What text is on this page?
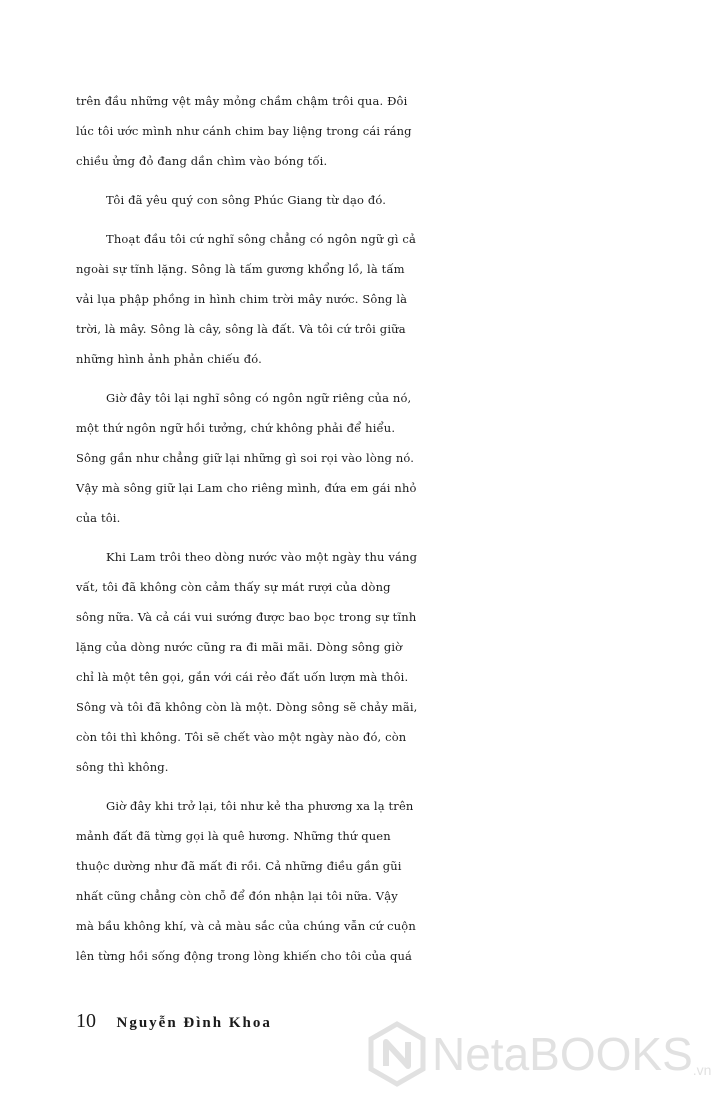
trên đầu những vệt mây mỏng chầm chậm trôi qua. Đôi

lúc tôi ước mình như cánh chim bay liệng trong cái ráng

chiều ửng đỏ đang dần chìm vào bóng tối.

Tôi đã yêu quý con sông Phúc Giang từ dạo đó.

Thoạt đầu tôi cứ nghĩ sông chẳng có ngôn ngữ gì cả

ngoài sự tĩnh lặng. Sông là tấm gương khổng lồ, là tấm

vải lụa phập phồng in hình chim trời mây nước. Sông là

trời, là mây. Sông là cây, sông là đất. Và tôi cứ trôi giữa

những hình ảnh phản chiếu đó.

Giờ đây tôi lại nghĩ sông có ngôn ngữ riêng của nó,

một thứ ngôn ngữ hồi tưởng, chứ không phải để hiểu.

Sông gần như chẳng giữ lại những gì soi rọi vào lòng nó.

Vậy mà sông giữ lại Lam cho riêng mình, đứa em gái nhỏ

của tôi.

Khi Lam trôi theo dòng nước vào một ngày thu váng

vất, tôi đã không còn cảm thấy sự mát rượi của dòng

sông nữa. Và cả cái vui sướng được bao bọc trong sự tĩnh

lặng của dòng nước cũng ra đi mãi mãi. Dòng sông giờ

chỉ là một tên gọi, gắn với cái rẻo đất uốn lượn mà thôi.

Sông và tôi đã không còn là một. Dòng sông sẽ chảy mãi,

còn tôi thì không. Tôi sẽ chết vào một ngày nào đó, còn

sông thì không.

Giờ đây khi trở lại, tôi như kẻ tha phương xa lạ trên

mảnh đất đã từng gọi là quê hương. Những thứ quen

thuộc dường như đã mất đi rồi. Cả những điều gần gũi

nhất cũng chẳng còn chỗ để đón nhận lại tôi nữa. Vậy

mà bầu không khí, và cả màu sắc của chúng vẫn cứ cuộn

lên từng hồi sống động trong lòng khiến cho tôi của quá

10 Nguyễn Đình Khoa
NetaBOOKS .vn
